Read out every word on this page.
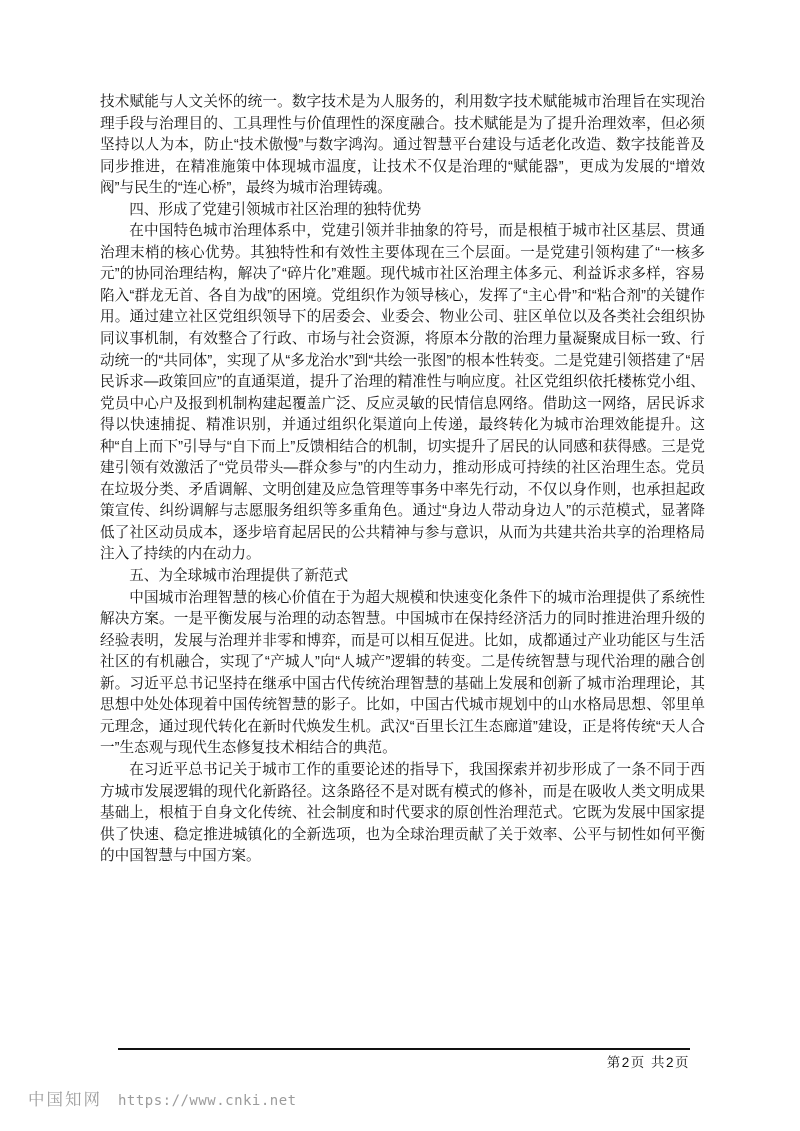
技术赋能与人文关怀的统一。数字技术是为人服务的，利用数字技术赋能城市治理旨在实现治理手段与治理目的、工具理性与价值理性的深度融合。技术赋能是为了提升治理效率，但必须坚持以人为本，防止“技术傲慢”与数字鸿沟。通过智慧平台建设与适老化改造、数字技能普及同步推进，在精准施策中体现城市温度，让技术不仅是治理的“赋能器”，更成为发展的“增效阀”与民生的“连心桥”，最终为城市治理铸魂。

四、形成了党建引领城市社区治理的独特优势

在中国特色城市治理体系中，党建引领并非抽象的符号，而是根植于城市社区基层、贯通治理末梢的核心优势。其独特性和有效性主要体现在三个层面。一是党建引领构建了“一核多元”的协同治理结构，解决了“碎片化”难题。现代城市社区治理主体多元、利益诉求多样，容易陷入“群龙无首、各自为战”的困境。党组织作为领导核心，发挥了“主心骨”和“粘合剂”的关键作用。通过建立社区党组织领导下的居委会、业委会、物业公司、驻区单位以及各类社会组织协同议事机制，有效整合了行政、市场与社会资源，将原本分散的治理力量凝聚成目标一致、行动统一的“共同体”，实现了从“多龙治水”到“共绘一张图”的根本性转变。二是党建引领搭建了“居民诉求—政策回应”的直通渠道，提升了治理的精准性与响应度。社区党组织依托楼栋党小组、党员中心户及报到机制构建起覆盖广泛、反应灵敏的民情信息网络。借助这一网络，居民诉求得以快速捕捉、精准识别，并通过组织化渠道向上传递，最终转化为城市治理效能提升。这种“自上而下”引导与“自下而上”反馈相结合的机制，切实提升了居民的认同感和获得感。三是党建引领有效激活了“党员带头—群众参与”的内生动力，推动形成可持续的社区治理生态。党员在垃圾分类、矛盾调解、文明创建及应急管理等事务中率先行动，不仅以身作则，也承担起政策宣传、纠纷调解与志愿服务组织等多重角色。通过“身边人带动身边人”的示范模式，显著降低了社区动员成本，逐步培育起居民的公共精神与参与意识，从而为共建共治共享的治理格局注入了持续的内在动力。

五、为全球城市治理提供了新范式

中国城市治理智慧的核心价值在于为超大规模和快速变化条件下的城市治理提供了系统性解决方案。一是平衡发展与治理的动态智慧。中国城市在保持经济活力的同时推进治理升级的经验表明，发展与治理并非零和博弈，而是可以相互促进。比如，成都通过产业功能区与生活社区的有机融合，实现了“产城人”向“人城产”逻辑的转变。二是传统智慧与现代治理的融合创新。习近平总书记坚持在继承中国古代传统治理智慧的基础上发展和创新了城市治理理论，其思想中处处体现着中国传统智慧的影子。比如，中国古代城市规划中的山水格局思想、邻里单元理念，通过现代转化在新时代焕发生机。武汉“百里长江生态廊道”建设，正是将传统“天人合一”生态观与现代生态修复技术相结合的典范。

在习近平总书记关于城市工作的重要论述的指导下，我国探索并初步形成了一条不同于西方城市发展逻辑的现代化新路径。这条路径不是对既有模式的修补，而是在吸收人类文明成果基础上，根植于自身文化传统、社会制度和时代要求的原创性治理范式。它既为发展中国家提供了快速、稳定推进城镇化的全新选项，也为全球治理贡献了关于效率、公平与韧性如何平衡的中国智慧与中国方案。

第2页 共2页
中国知网 https://www.cnki.net
